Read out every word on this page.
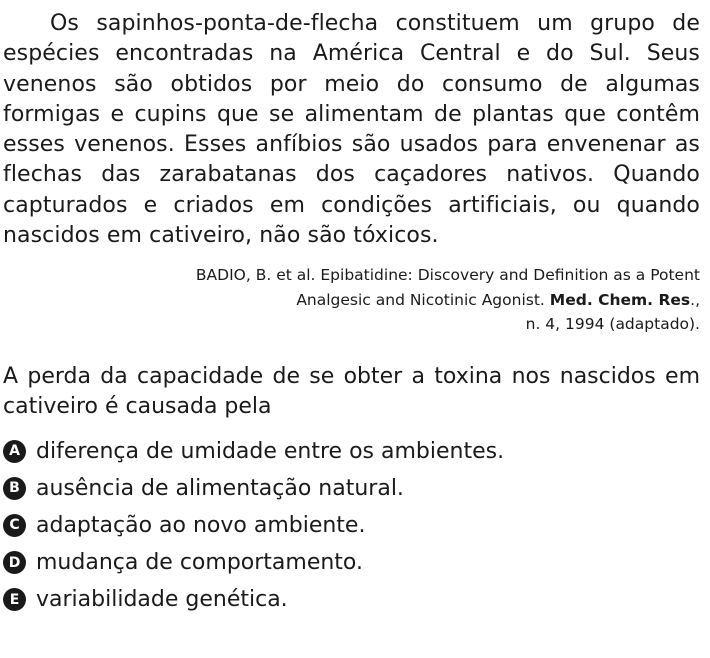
Os sapinhos-ponta-de-flecha constituem um grupo de espécies encontradas na América Central e do Sul. Seus venenos são obtidos por meio do consumo de algumas formigas e cupins que se alimentam de plantas que contêm esses venenos. Esses anfíbios são usados para envenenar as flechas das zarabatanas dos caçadores nativos. Quando capturados e criados em condições artificiais, ou quando nascidos em cativeiro, não são tóxicos.

BADIO, B. et al. Epibatidine: Discovery and Definition as a Potent
Analgesic and Nicotinic Agonist. Med. Chem. Res.,
n. 4, 1994 (adaptado).

A perda da capacidade de se obter a toxina nos nascidos em cativeiro é causada pela

A diferença de umidade entre os ambientes.
B ausência de alimentação natural.
C adaptação ao novo ambiente.
D mudança de comportamento.
E variabilidade genética.
